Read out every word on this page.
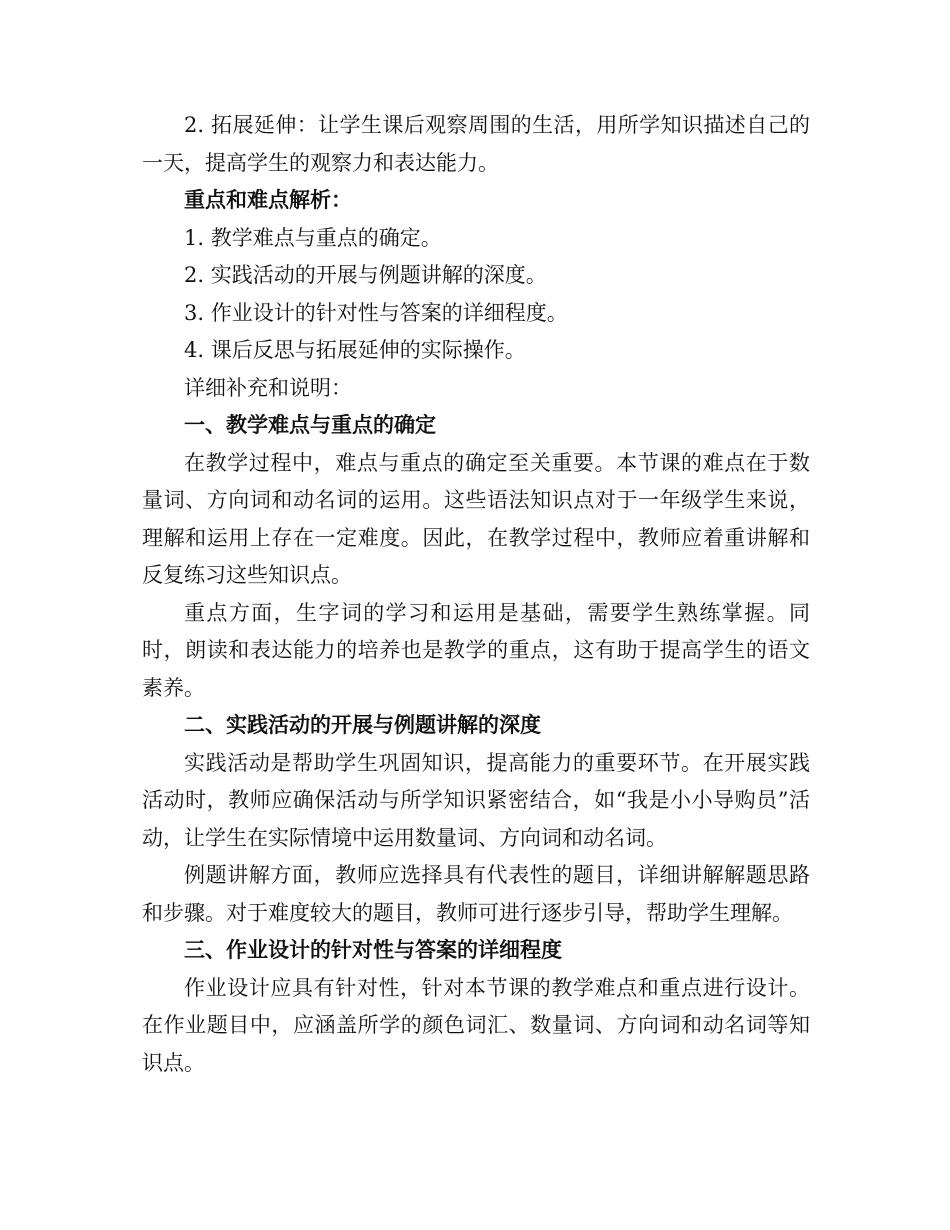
2. 拓展延伸：让学生课后观察周围的生活，用所学知识描述自己的一天，提高学生的观察力和表达能力。

重点和难点解析：

1. 教学难点与重点的确定。

2. 实践活动的开展与例题讲解的深度。

3. 作业设计的针对性与答案的详细程度。

4. 课后反思与拓展延伸的实际操作。

详细补充和说明：

一、教学难点与重点的确定

在教学过程中，难点与重点的确定至关重要。本节课的难点在于数量词、方向词和动名词的运用。这些语法知识点对于一年级学生来说，理解和运用上存在一定难度。因此，在教学过程中，教师应着重讲解和反复练习这些知识点。

重点方面，生字词的学习和运用是基础，需要学生熟练掌握。同时，朗读和表达能力的培养也是教学的重点，这有助于提高学生的语文素养。

二、实践活动的开展与例题讲解的深度

实践活动是帮助学生巩固知识，提高能力的重要环节。在开展实践活动时，教师应确保活动与所学知识紧密结合，如“我是小小导购员”活动，让学生在实际情境中运用数量词、方向词和动名词。

例题讲解方面，教师应选择具有代表性的题目，详细讲解解题思路和步骤。对于难度较大的题目，教师可进行逐步引导，帮助学生理解。

三、作业设计的针对性与答案的详细程度

作业设计应具有针对性，针对本节课的教学难点和重点进行设计。在作业题目中，应涵盖所学的颜色词汇、数量词、方向词和动名词等知识点。
